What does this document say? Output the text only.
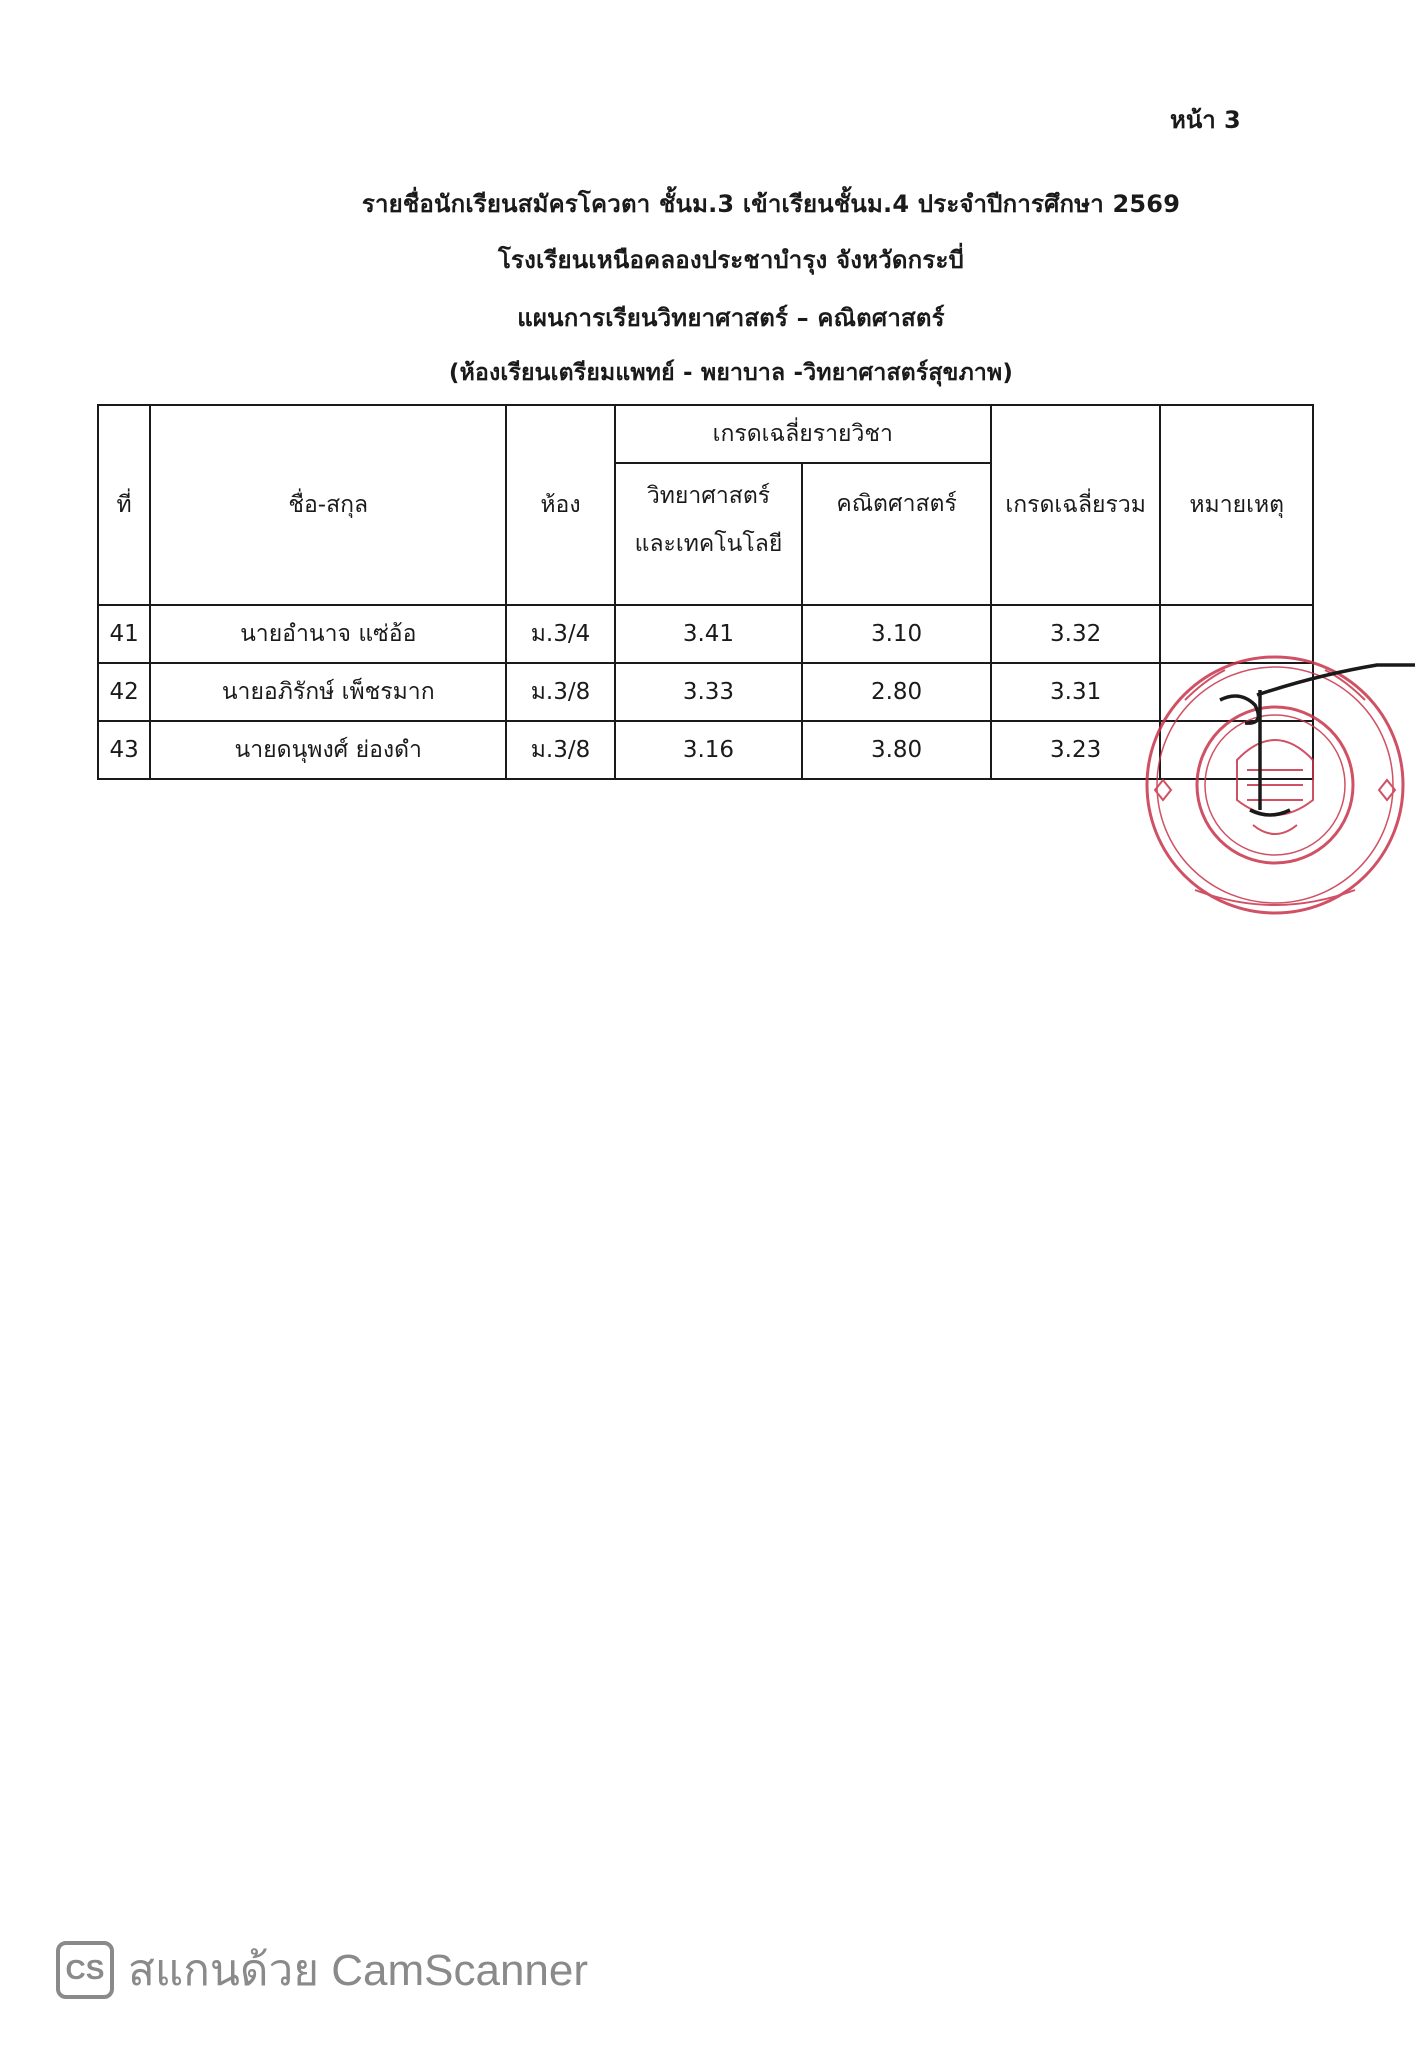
หน้า 3
รายชื่อนักเรียนสมัครโควตา ชั้นม.3 เข้าเรียนชั้นม.4 ประจำปีการศึกษา 2569
โรงเรียนเหนือคลองประชาบำรุง จังหวัดกระบี่
แผนการเรียนวิทยาศาสตร์ – คณิตศาสตร์
(ห้องเรียนเตรียมแพทย์ - พยาบาล -วิทยาศาสตร์สุขภาพ)
ที่	ชื่อ-สกุล	ห้อง	เกรดเฉลี่ยรายวิชา		เกรดเฉลี่ยรวม	หมายเหตุ

			วิทยาศาสตร์
และเทคโนโลยี	คณิตศาสตร์		
41	นายอำนาจ แซ่อ้อ	ม.3/4	3.41	3.10	3.32	
42	นายอภิรักษ์ เพ็ชรมาก	ม.3/8	3.33	2.80	3.31	
43	นายดนุพงศ์ ย่องดำ	ม.3/8	3.16	3.80	3.23	
CS สแกนด้วย CamScanner
